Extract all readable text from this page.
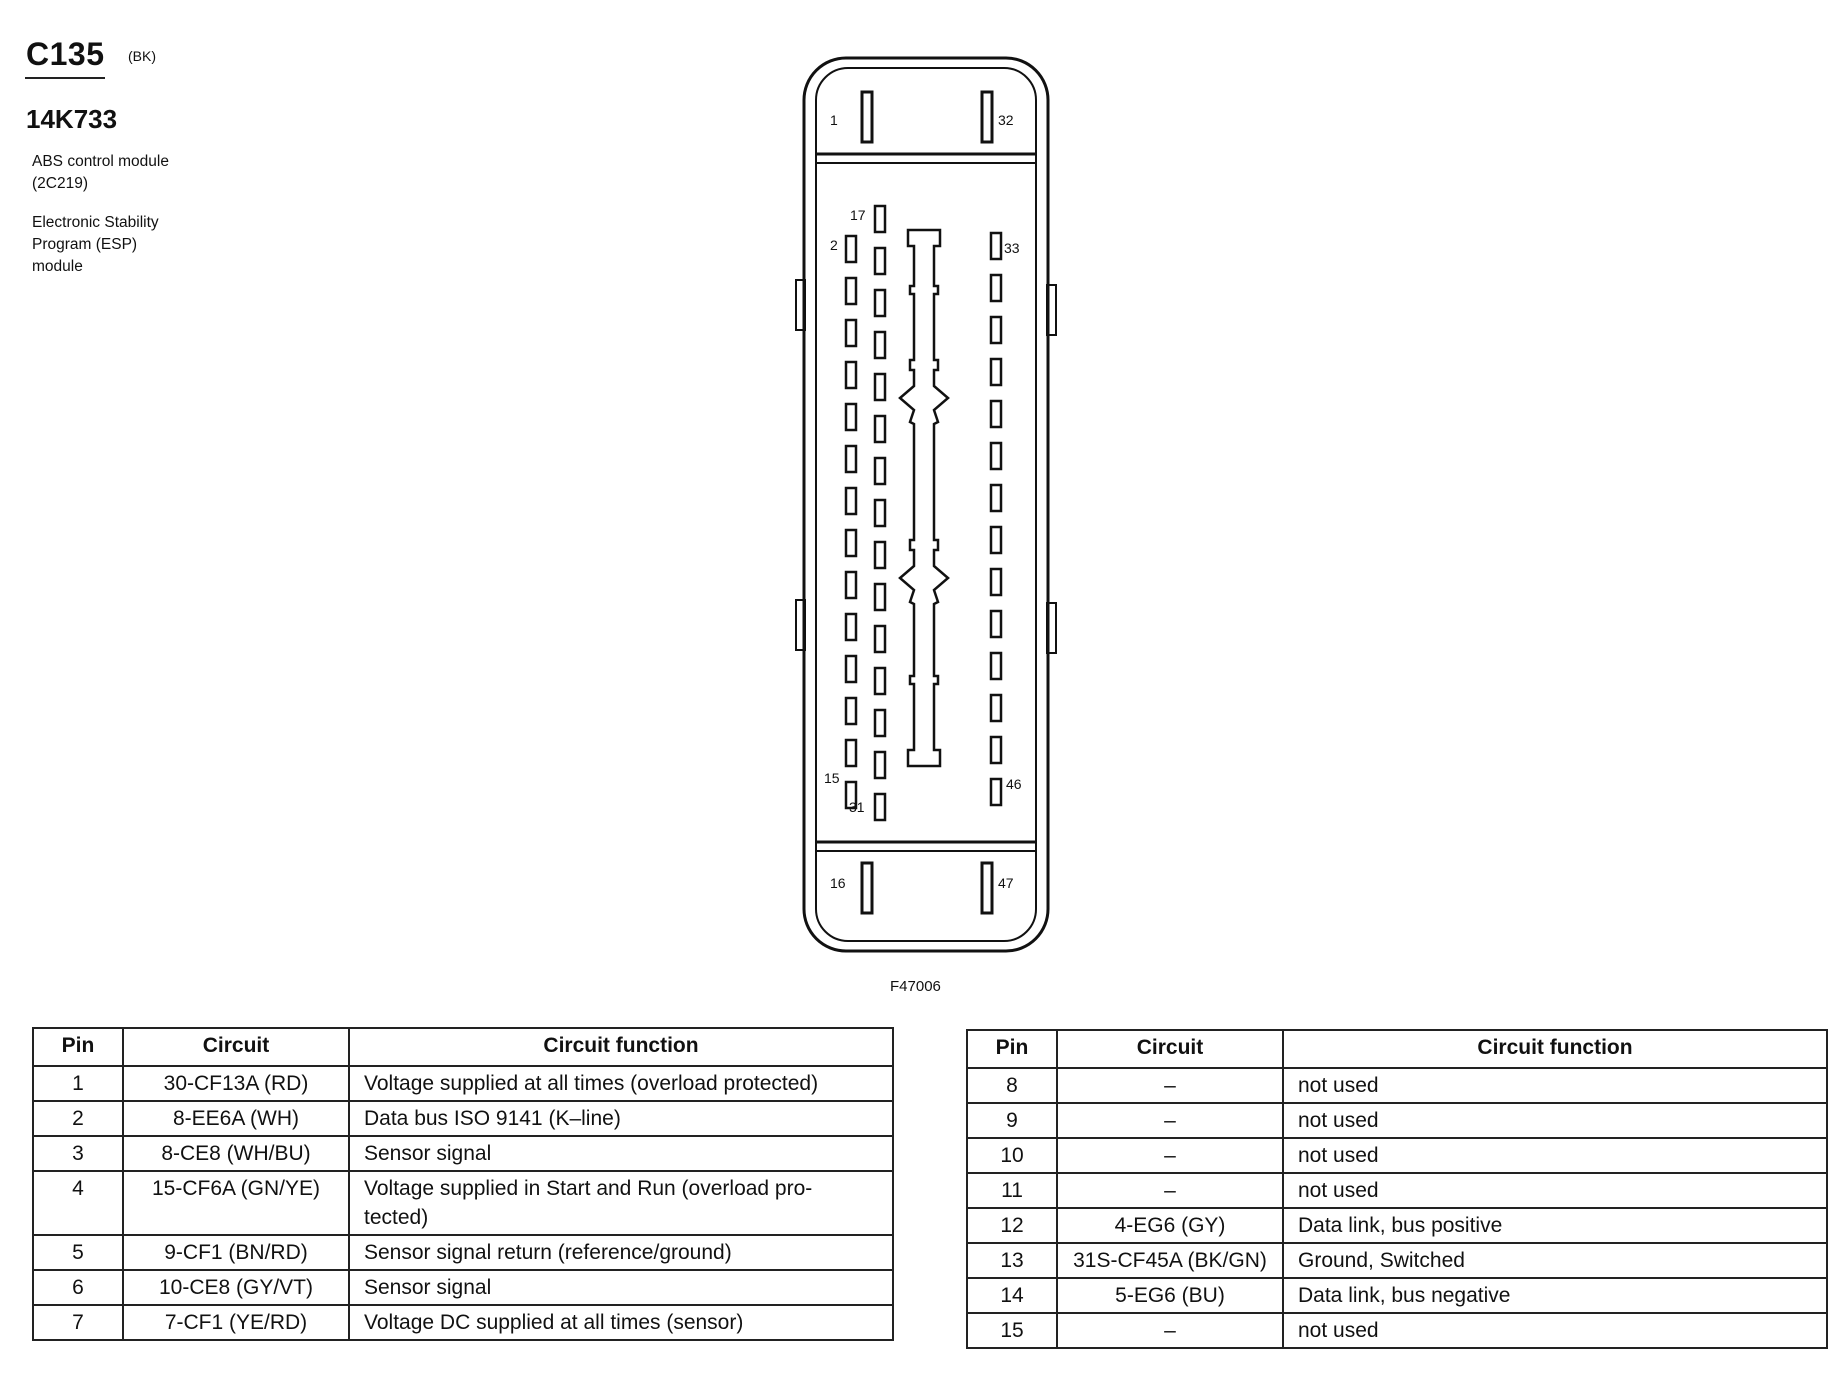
C135 (BK)
14K733
ABS control module
(2C219)
Electronic Stability
Program (ESP)
module
1	32
17
2	33
15
31
46
16	47
F47006
Pin	Circuit	Circuit function
1	30-CF13A (RD)	Voltage supplied at all times (overload protected)
2	8-EE6A (WH)	Data bus ISO 9141 (K–line)
3	8-CE8 (WH/BU)	Sensor signal
4	15-CF6A (GN/YE)	Voltage supplied in Start and Run (overload pro-
tected)
5	9-CF1 (BN/RD)	Sensor signal return (reference/ground)
6	10-CE8 (GY/VT)	Sensor signal
7	7-CF1 (YE/RD)	Voltage DC supplied at all times (sensor)
Pin	Circuit	Circuit function
8	–	not used
9	–	not used
10	–	not used
11	–	not used
12	4-EG6 (GY)	Data link, bus positive
13	31S-CF45A (BK/GN)	Ground, Switched
14	5-EG6 (BU)	Data link, bus negative
15	–	not used
